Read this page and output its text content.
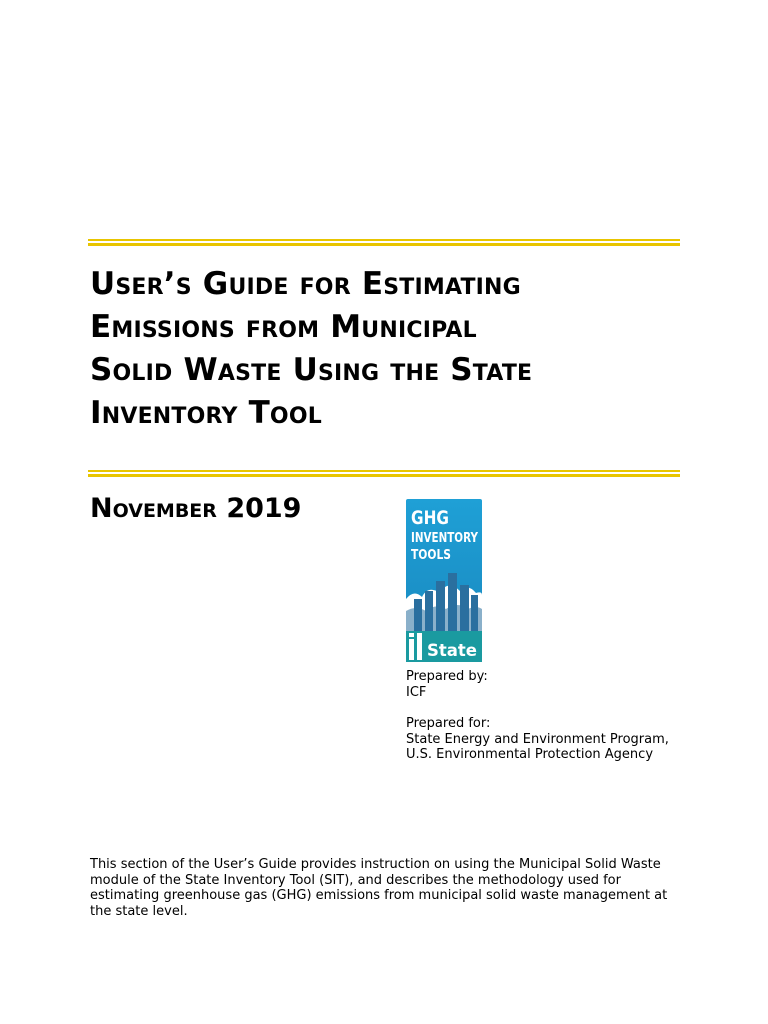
User’s Guide for Estimating
Emissions from Municipal
Solid Waste Using the State
Inventory Tool
November 2019	GHG
INVENTORY
TOOLS
State
Prepared by:
ICF
Prepared for:
State Energy and Environment Program,
U.S. Environmental Protection Agency
This section of the User’s Guide provides instruction on using the Municipal Solid Waste module of the State Inventory Tool (SIT), and describes the methodology used for estimating greenhouse gas (GHG) emissions from municipal solid waste management at the state level.
